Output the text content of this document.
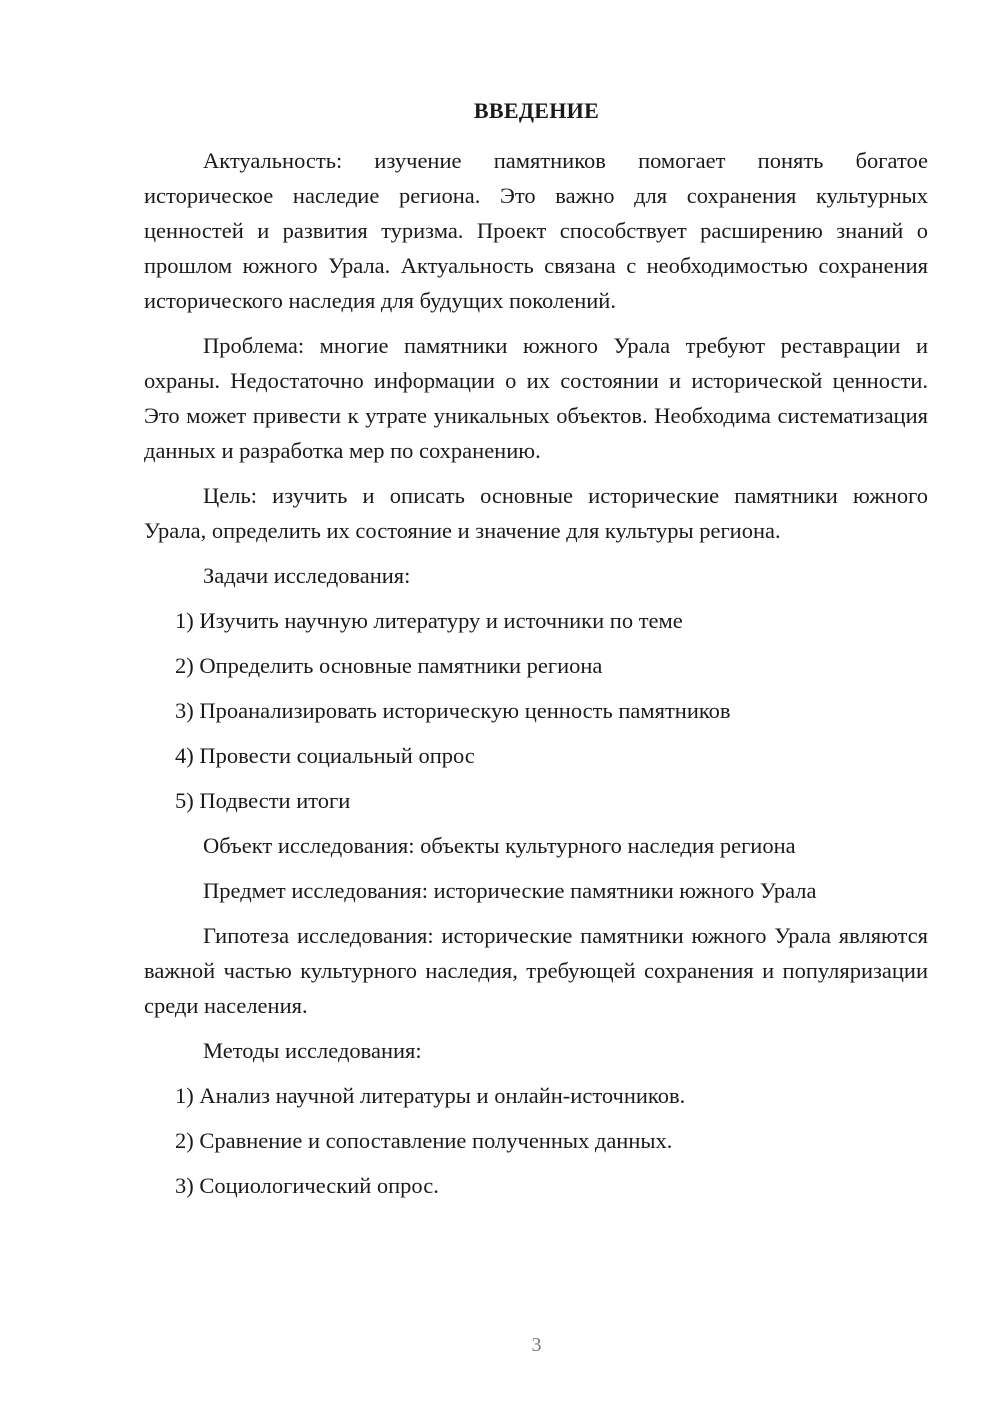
ВВЕДЕНИЕ

Актуальность: изучение памятников помогает понять богатое историческое наследие региона. Это важно для сохранения культурных ценностей и развития туризма. Проект способствует расширению знаний о прошлом южного Урала. Актуальность связана с необходимостью сохранения исторического наследия для будущих поколений.

Проблема: многие памятники южного Урала требуют реставрации и охраны. Недостаточно информации о их состоянии и исторической ценности. Это может привести к утрате уникальных объектов. Необходима систематизация данных и разработка мер по сохранению.

Цель: изучить и описать основные исторические памятники южного Урала, определить их состояние и значение для культуры региона.

Задачи исследования:

1) Изучить научную литературу и источники по теме
2) Определить основные памятники региона
3) Проанализировать историческую ценность памятников
4) Провести социальный опрос
5) Подвести итоги

Объект исследования: объекты культурного наследия региона

Предмет исследования: исторические памятники южного Урала

Гипотеза исследования: исторические памятники южного Урала являются важной частью культурного наследия, требующей сохранения и популяризации среди населения.

Методы исследования:

1) Анализ научной литературы и онлайн-источников.
2) Сравнение и сопоставление полученных данных.
3) Социологический опрос.
3
